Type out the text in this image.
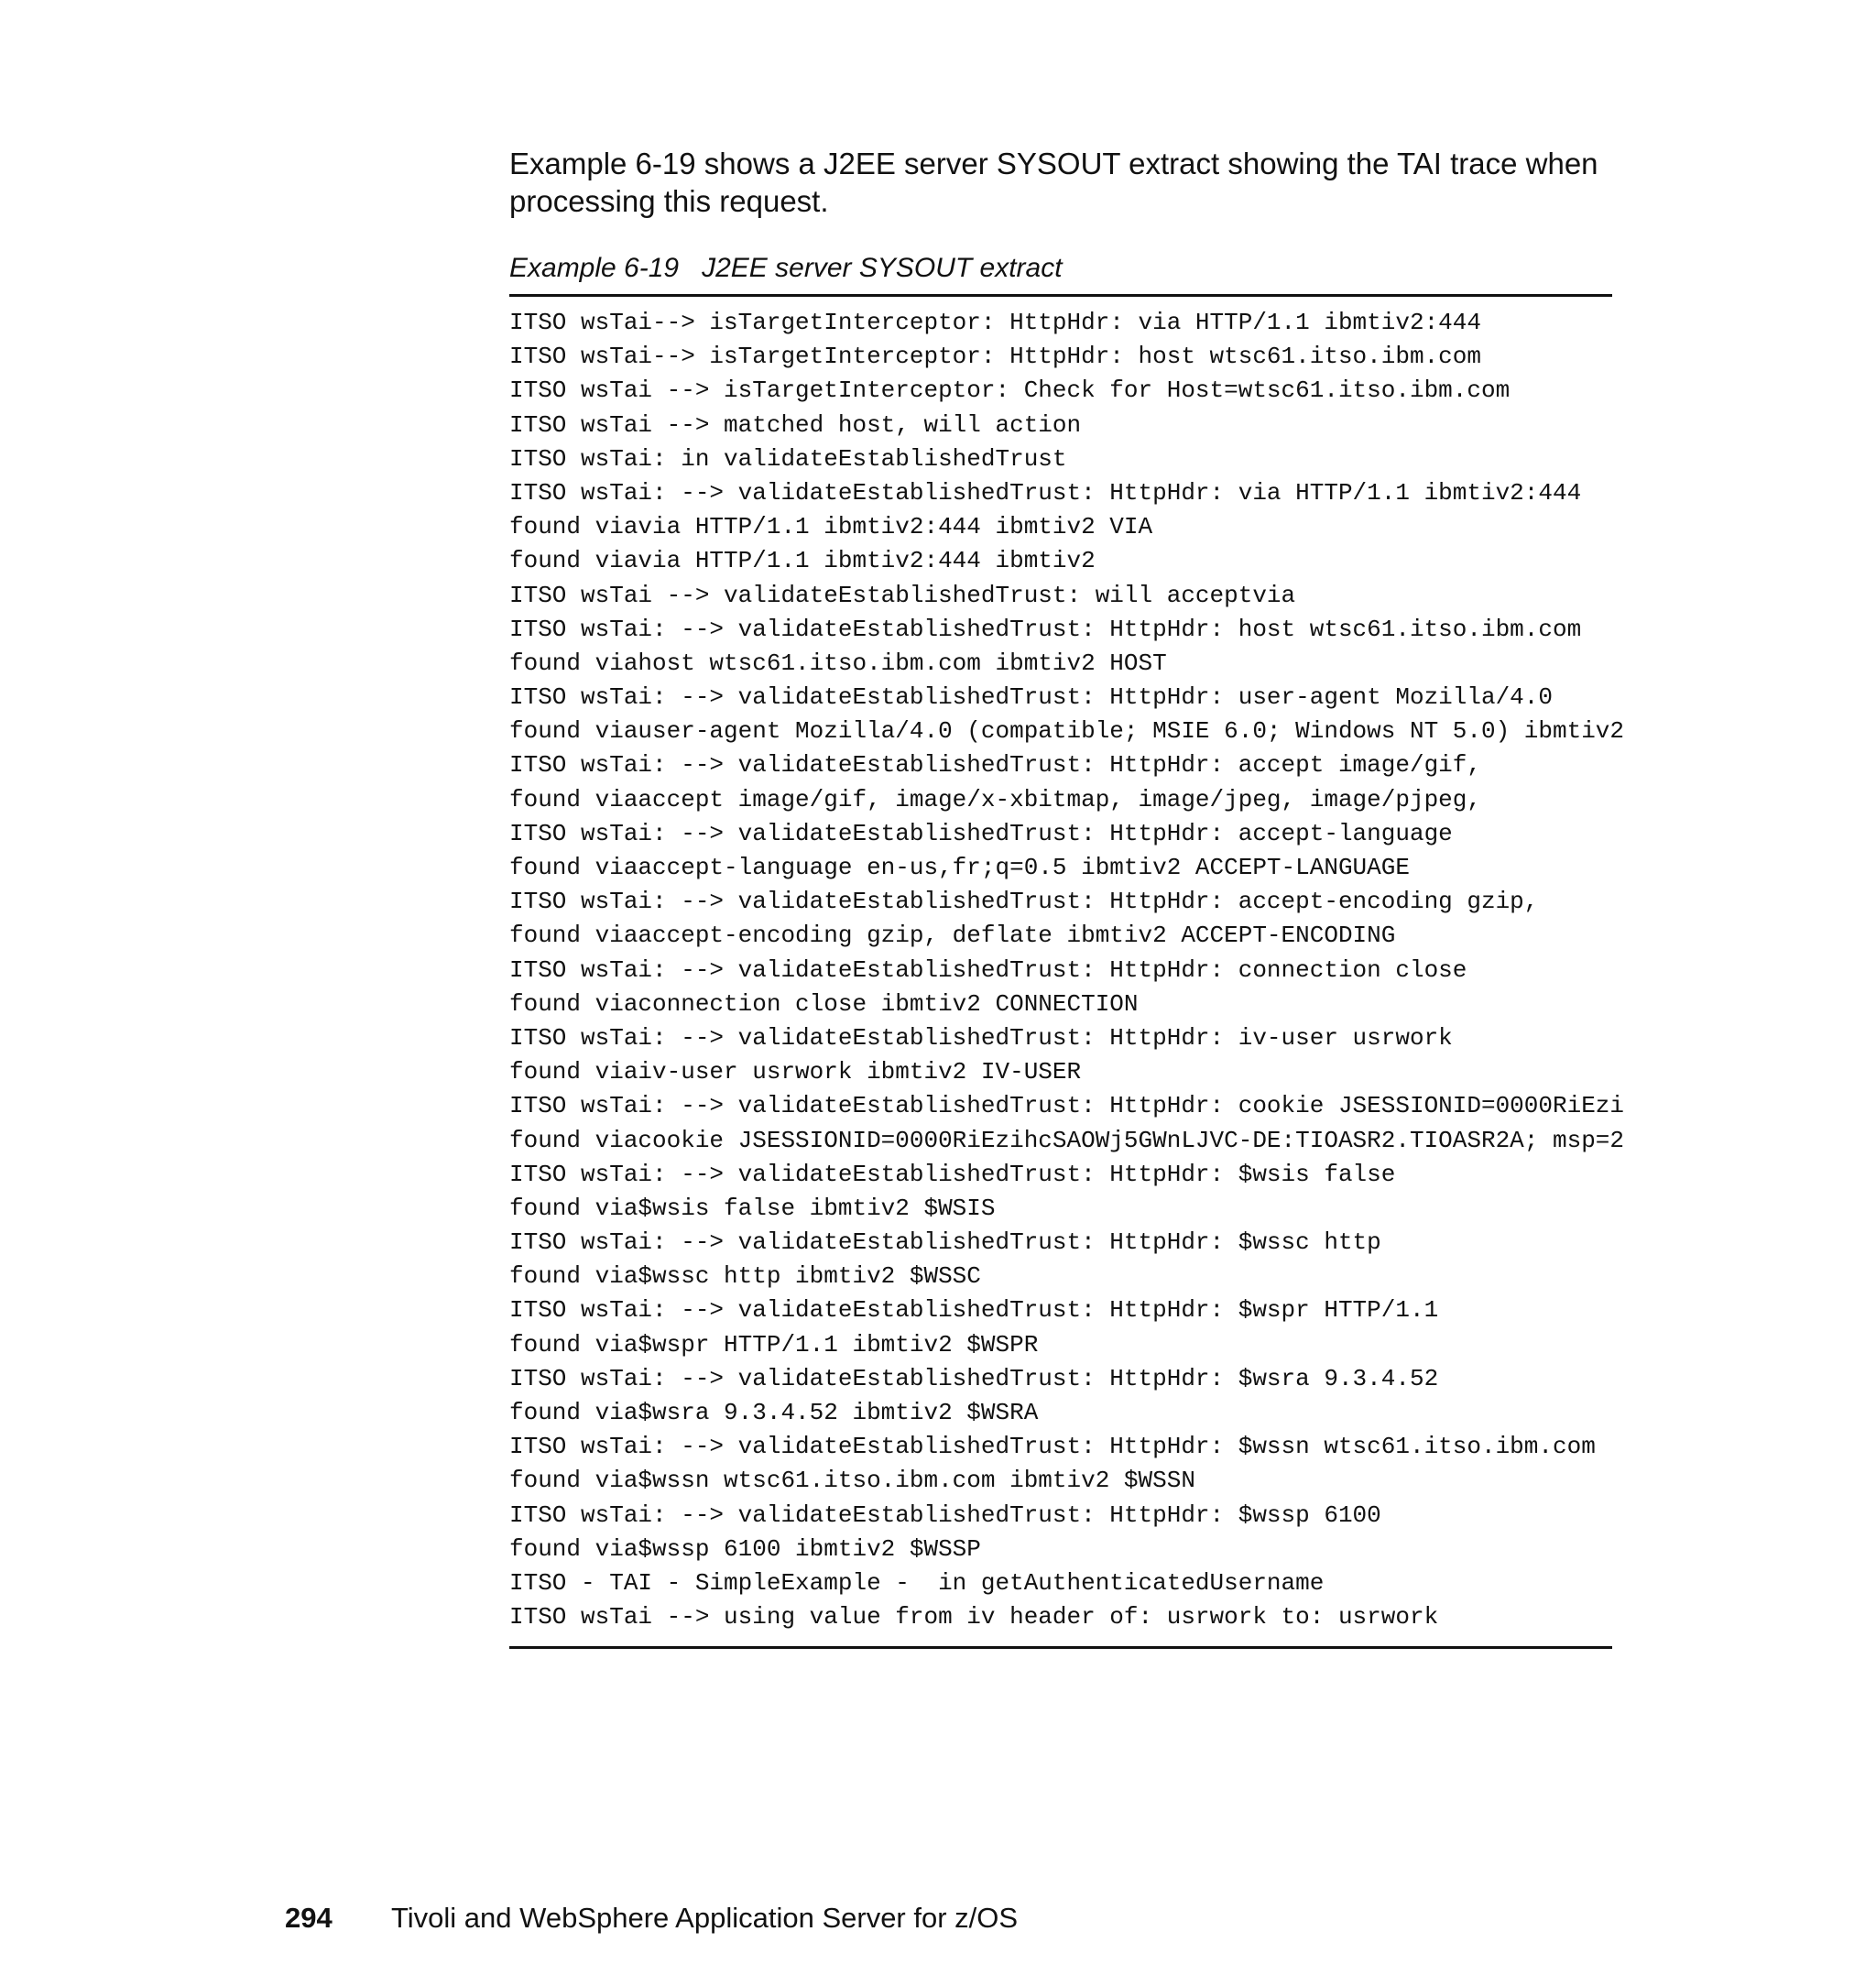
Example 6-19 shows a J2EE server SYSOUT extract showing the TAI trace when processing this request.

Example 6-19   J2EE server SYSOUT extract

ITSO wsTai--> isTargetInterceptor: HttpHdr: via HTTP/1.1 ibmtiv2:444
ITSO wsTai--> isTargetInterceptor: HttpHdr: host wtsc61.itso.ibm.com
ITSO wsTai --> isTargetInterceptor: Check for Host=wtsc61.itso.ibm.com
ITSO wsTai --> matched host, will action
ITSO wsTai: in validateEstablishedTrust
ITSO wsTai: --> validateEstablishedTrust: HttpHdr: via HTTP/1.1 ibmtiv2:444
found viavia HTTP/1.1 ibmtiv2:444 ibmtiv2 VIA
found viavia HTTP/1.1 ibmtiv2:444 ibmtiv2
ITSO wsTai --> validateEstablishedTrust: will acceptvia
ITSO wsTai: --> validateEstablishedTrust: HttpHdr: host wtsc61.itso.ibm.com
found viahost wtsc61.itso.ibm.com ibmtiv2 HOST
ITSO wsTai: --> validateEstablishedTrust: HttpHdr: user-agent Mozilla/4.0
found viauser-agent Mozilla/4.0 (compatible; MSIE 6.0; Windows NT 5.0) ibmtiv2
ITSO wsTai: --> validateEstablishedTrust: HttpHdr: accept image/gif,
found viaaccept image/gif, image/x-xbitmap, image/jpeg, image/pjpeg,
ITSO wsTai: --> validateEstablishedTrust: HttpHdr: accept-language
found viaaccept-language en-us,fr;q=0.5 ibmtiv2 ACCEPT-LANGUAGE
ITSO wsTai: --> validateEstablishedTrust: HttpHdr: accept-encoding gzip,
found viaaccept-encoding gzip, deflate ibmtiv2 ACCEPT-ENCODING
ITSO wsTai: --> validateEstablishedTrust: HttpHdr: connection close
found viaconnection close ibmtiv2 CONNECTION
ITSO wsTai: --> validateEstablishedTrust: HttpHdr: iv-user usrwork
found viaiv-user usrwork ibmtiv2 IV-USER
ITSO wsTai: --> validateEstablishedTrust: HttpHdr: cookie JSESSIONID=0000RiEzi
found viacookie JSESSIONID=0000RiEzihcSAOWj5GWnLJVC-DE:TIOASR2.TIOASR2A; msp=2
ITSO wsTai: --> validateEstablishedTrust: HttpHdr: $wsis false
found via$wsis false ibmtiv2 $WSIS
ITSO wsTai: --> validateEstablishedTrust: HttpHdr: $wssc http
found via$wssc http ibmtiv2 $WSSC
ITSO wsTai: --> validateEstablishedTrust: HttpHdr: $wspr HTTP/1.1
found via$wspr HTTP/1.1 ibmtiv2 $WSPR
ITSO wsTai: --> validateEstablishedTrust: HttpHdr: $wsra 9.3.4.52
found via$wsra 9.3.4.52 ibmtiv2 $WSRA
ITSO wsTai: --> validateEstablishedTrust: HttpHdr: $wssn wtsc61.itso.ibm.com
found via$wssn wtsc61.itso.ibm.com ibmtiv2 $WSSN
ITSO wsTai: --> validateEstablishedTrust: HttpHdr: $wssp 6100
found via$wssp 6100 ibmtiv2 $WSSP
ITSO - TAI - SimpleExample -  in getAuthenticatedUsername
ITSO wsTai --> using value from iv header of: usrwork to: usrwork

294 Tivoli and WebSphere Application Server for z/OS
